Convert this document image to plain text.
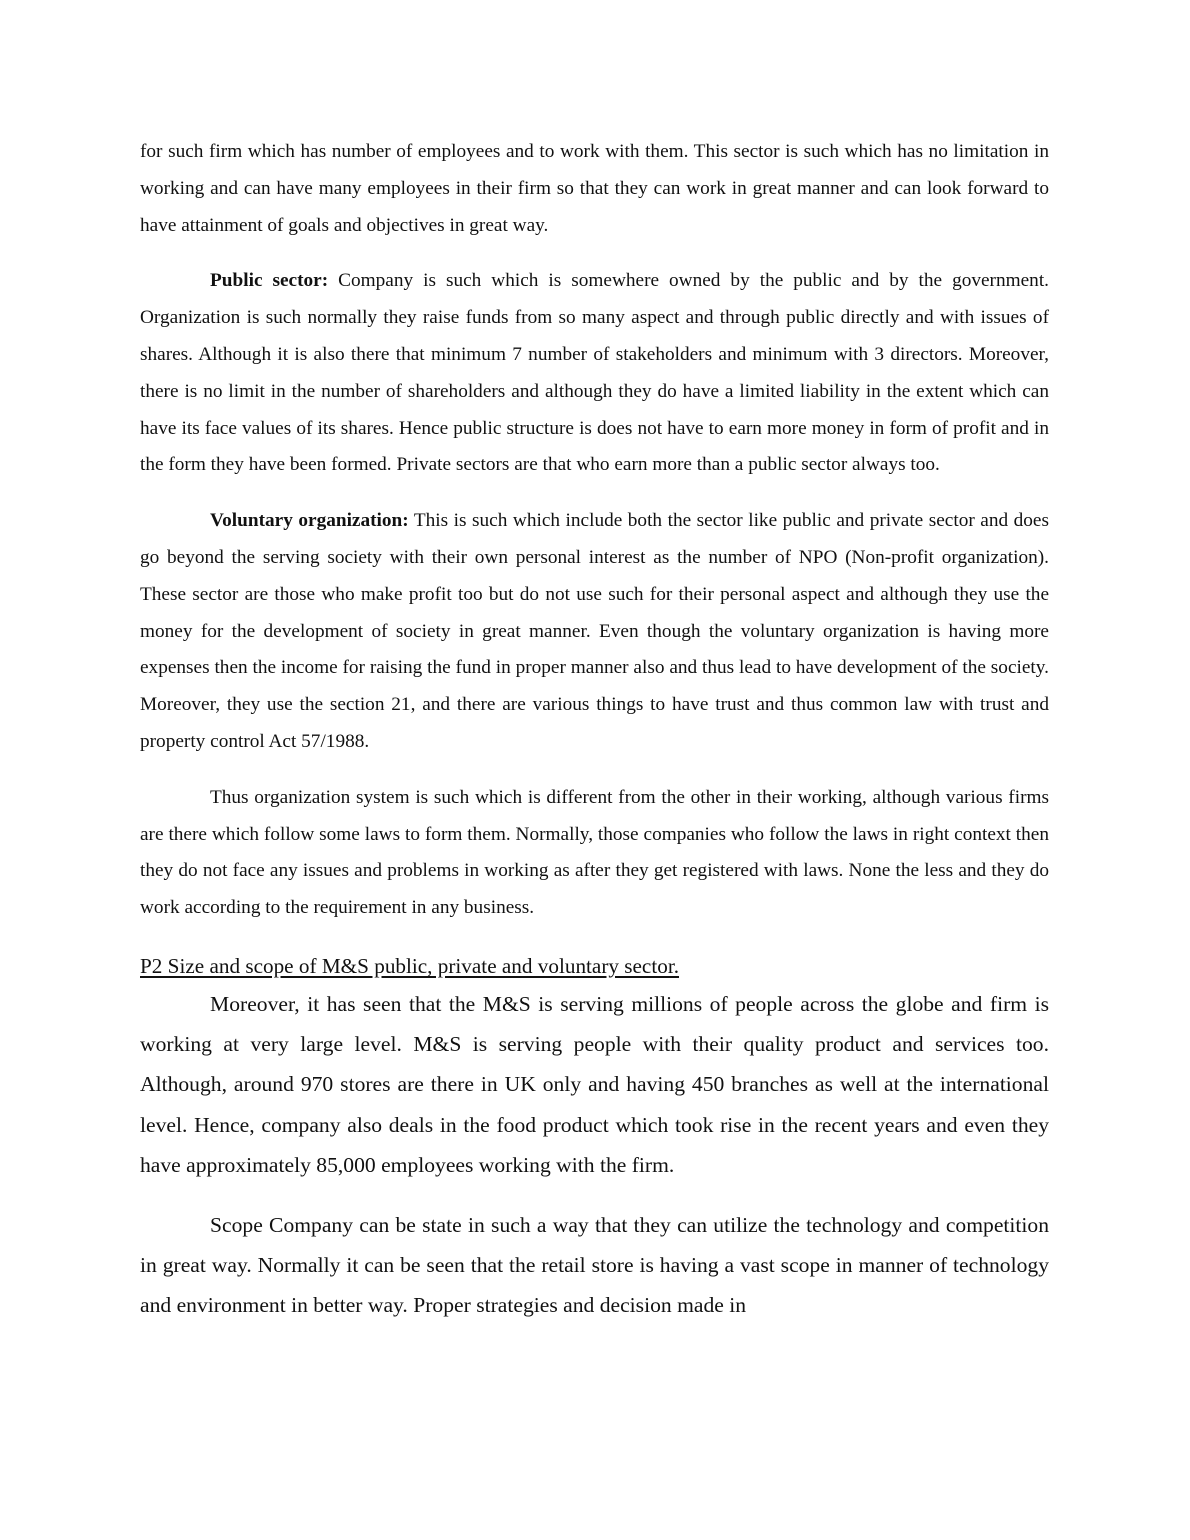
for such firm which has number of employees and to work with them. This sector is such which has no limitation in working and can have many employees in their firm so that they can work in great manner and can look forward to have attainment of goals and objectives in great way.

Public sector: Company is such which is somewhere owned by the public and by the government. Organization is such normally they raise funds from so many aspect and through public directly and with issues of shares. Although it is also there that minimum 7 number of stakeholders and minimum with 3 directors. Moreover, there is no limit in the number of shareholders and although they do have a limited liability in the extent which can have its face values of its shares. Hence public structure is does not have to earn more money in form of profit and in the form they have been formed. Private sectors are that who earn more than a public sector always too.

Voluntary organization: This is such which include both the sector like public and private sector and does go beyond the serving society with their own personal interest as the number of NPO (Non-profit organization). These sector are those who make profit too but do not use such for their personal aspect and although they use the money for the development of society in great manner. Even though the voluntary organization is having more expenses then the income for raising the fund in proper manner also and thus lead to have development of the society. Moreover, they use the section 21, and there are various things to have trust and thus common law with trust and property control Act 57/1988.

Thus organization system is such which is different from the other in their working, although various firms are there which follow some laws to form them. Normally, those companies who follow the laws in right context then they do not face any issues and problems in working as after they get registered with laws. None the less and they do work according to the requirement in any business.

P2 Size and scope of M&S public, private and voluntary sector.

Moreover, it has seen that the M&S is serving millions of people across the globe and firm is working at very large level. M&S is serving people with their quality product and services too. Although, around 970 stores are there in UK only and having 450 branches as well at the international level. Hence, company also deals in the food product which took rise in the recent years and even they have approximately 85,000 employees working with the firm.

Scope Company can be state in such a way that they can utilize the technology and competition in great way. Normally it can be seen that the retail store is having a vast scope in manner of technology and environment in better way. Proper strategies and decision made in
